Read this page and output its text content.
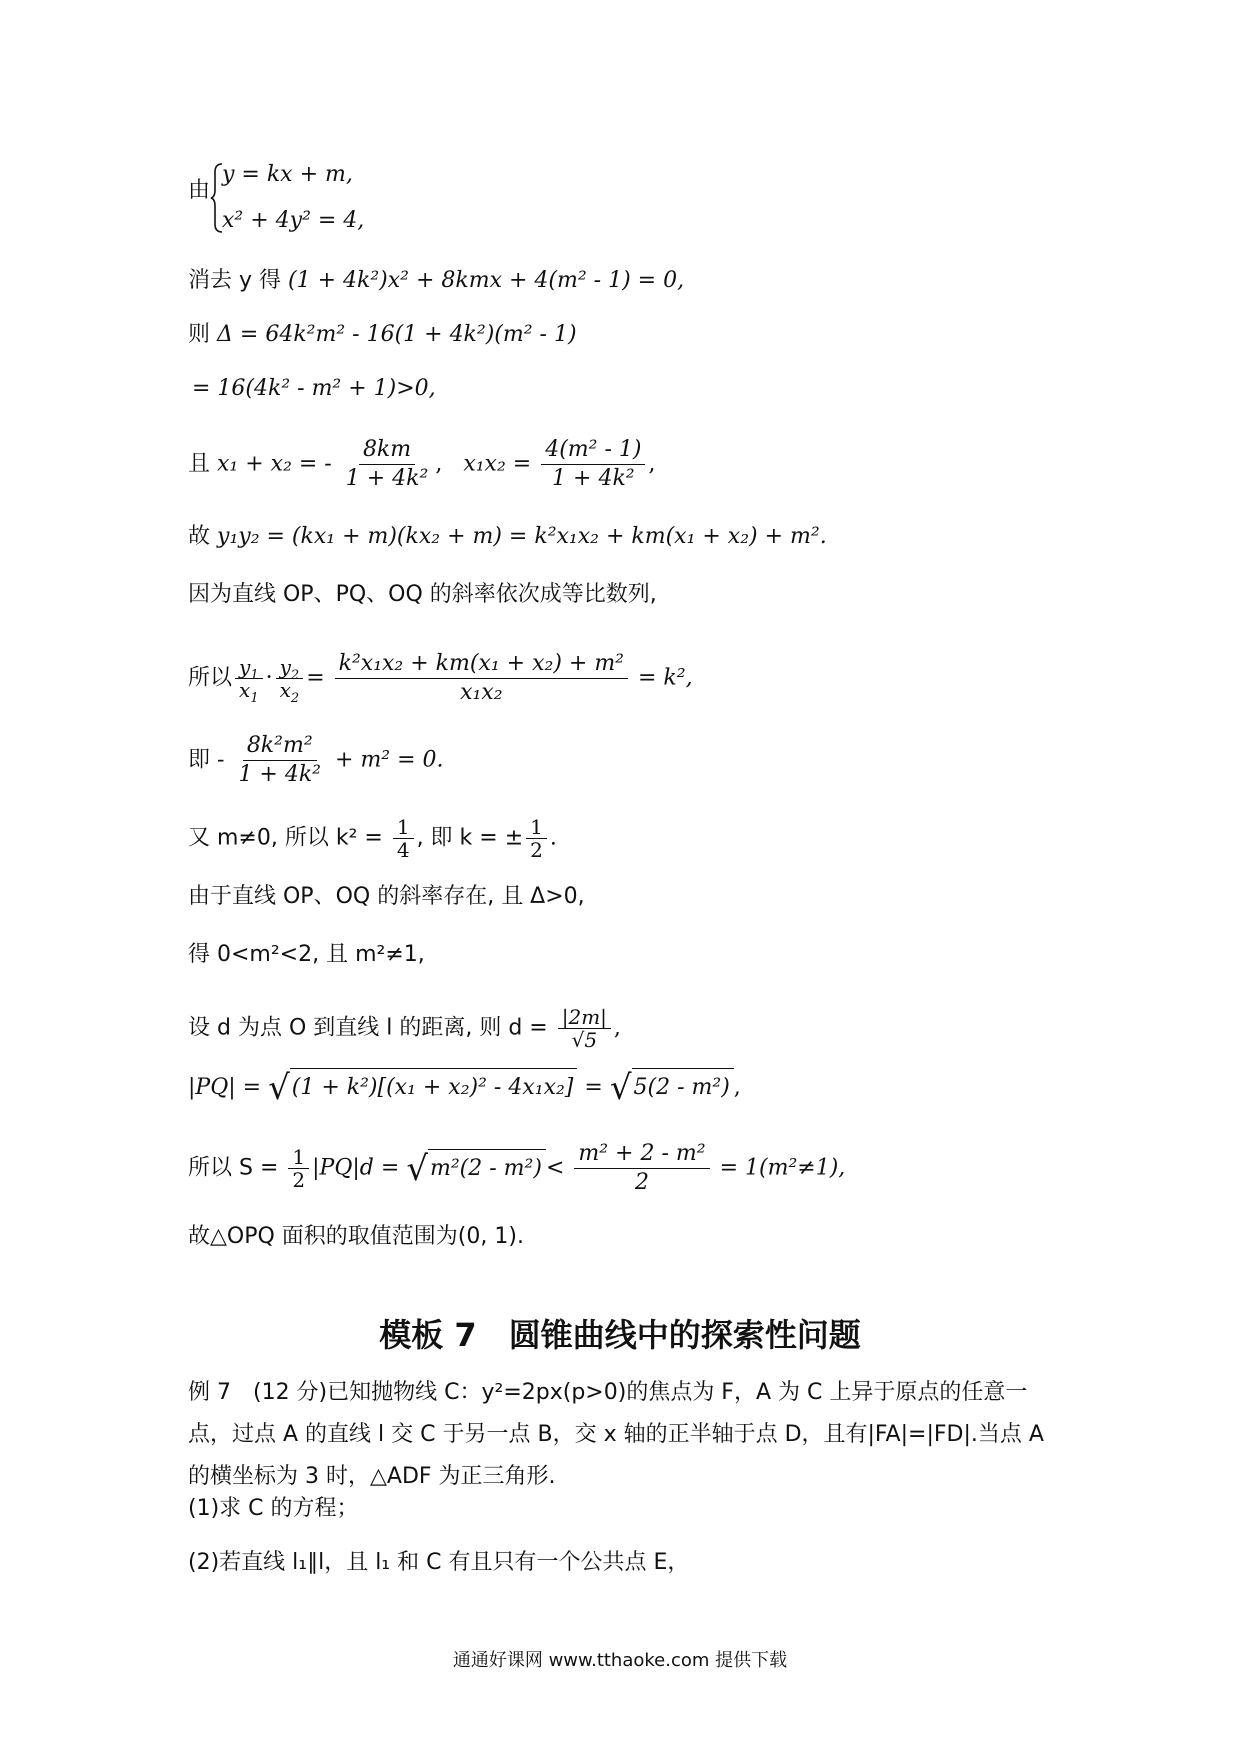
由
y = kx + m,
x² + 4y² = 4,
消去 y 得 (1 + 4k²)x² + 8kmx + 4(m² - 1) = 0,
则 Δ = 64k²m² - 16(1 + 4k²)(m² - 1)
= 16(4k² - m² + 1)>0,
且 x₁ + x₂ = - $\frac{8km}{\text{1 + 4k²}}$ ,   $x_1x_2 = \frac{\text{4(m² - 1)}}{\text{1 + 4k²}}$ ,
故 y₁y₂ = (kx₁ + m)(kx₂ + m) = k²x₁x₂ + km(x₁ + x₂) + m².
因为直线 OP、PQ、OQ 的斜率依次成等比数列,
所以 $\frac{y_1}{x_1} \cdot \frac{y_2}{x_2} = \frac{\text{k²x₁x₂ + km(x₁ + x₂) + m²}}{\text{x₁x₂}} = k^2$,
即 - $\frac{\text{8k²m²}}{\text{1 + 4k²}} + m^2 = 0$.
又 m≠0, 所以 $k^2 = \frac{1}{4}$ , 即 k = ± $\frac{1}{2}$ .
由于直线 OP、OQ 的斜率存在, 且 Δ>0,
得 0<m²<2, 且 m²≠1,
设 d 为点 O 到直线 l 的距离, 则 $d = \frac{|2m|}{√5}$ ,
|PQ| = √ (1 + k²)[(x₁ + x₂)² - 4x₁x₂] = √ 5(2 - m²) ,
所以 $S = \frac{1}{2} |PQ|d$ = √ $m^2(2 - m^2) < \frac{\text{m² + 2 - m²}}{2} = 1(m^2\ne 1)$,
故△OPQ 面积的取值范围为(0, 1).
模板 7　圆锥曲线中的探索性问题
例 7　(12 分)已知抛物线 C：y²=2px(p>0)的焦点为 F，A 为 C 上异于原点的任意一点，过点 A 的直线 l 交 C 于另一点 B，交 x 轴的正半轴于点 D，且有|FA|=|FD|.当点 A 的横坐标为 3 时，△ADF 为正三角形.
(1)求 C 的方程；
(2)若直线 l₁∥l，且 l₁ 和 C 有且只有一个公共点 E，
通通好课网 www.tthaoke.com 提供下载
